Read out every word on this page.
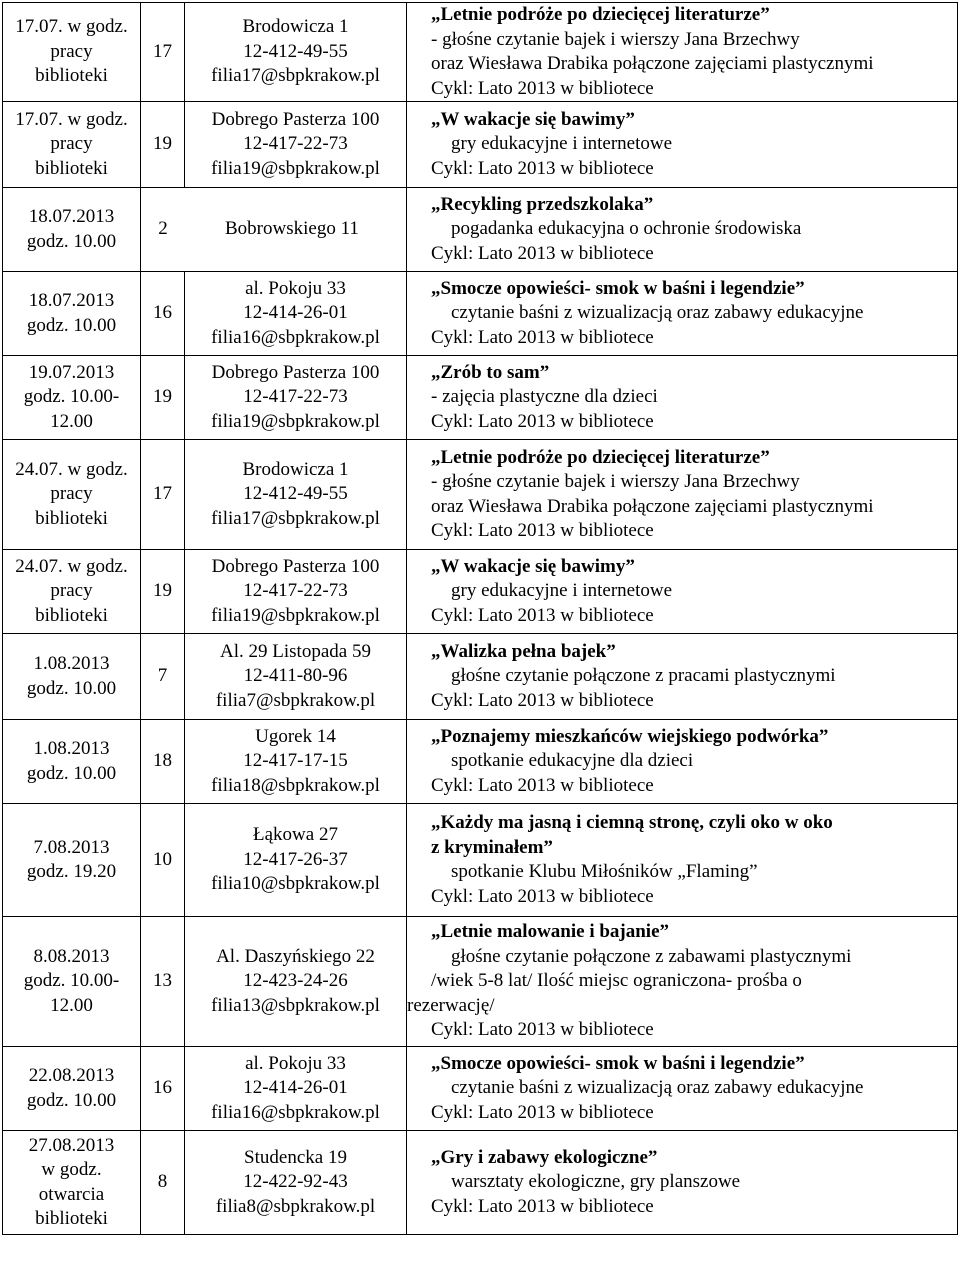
17.07. w godz.
pracy
biblioteki	17	Brodowicza 1
12-412-49-55
filia17@sbpkrakow.pl	„Letnie podróże po dziecięcej literaturze”
- głośne czytanie bajek i wierszy Jana Brzechwy
oraz Wiesława Drabika połączone zajęciami plastycznymi
Cykl: Lato 2013 w bibliotece

17.07. w godz.
pracy
biblioteki	19	Dobrego Pasterza 100
12-417-22-73
filia19@sbpkrakow.pl	„W wakacje się bawimy”
gry edukacyjne i internetowe
Cykl: Lato 2013 w bibliotece

18.07.2013
godz. 10.00	2 Bobrowskiego 11		„Recykling przedszkolaka”
pogadanka edukacyjna o ochronie środowiska
Cykl: Lato 2013 w bibliotece

18.07.2013
godz. 10.00	16	al. Pokoju 33
12-414-26-01
filia16@sbpkrakow.pl	„Smocze opowieści- smok w baśni i legendzie”
czytanie baśni z wizualizacją oraz zabawy edukacyjne
Cykl: Lato 2013 w bibliotece

19.07.2013
godz. 10.00-
12.00	19	Dobrego Pasterza 100
12-417-22-73
filia19@sbpkrakow.pl	„Zrób to sam”
- zajęcia plastyczne dla dzieci
Cykl: Lato 2013 w bibliotece

24.07. w godz.
pracy
biblioteki	17	Brodowicza 1
12-412-49-55
filia17@sbpkrakow.pl	„Letnie podróże po dziecięcej literaturze”
- głośne czytanie bajek i wierszy Jana Brzechwy
oraz Wiesława Drabika połączone zajęciami plastycznymi
Cykl: Lato 2013 w bibliotece

24.07. w godz.
pracy
biblioteki	19	Dobrego Pasterza 100
12-417-22-73
filia19@sbpkrakow.pl	„W wakacje się bawimy”
gry edukacyjne i internetowe
Cykl: Lato 2013 w bibliotece

1.08.2013
godz. 10.00	7	Al. 29 Listopada 59
12-411-80-96
filia7@sbpkrakow.pl	„Walizka pełna bajek”
głośne czytanie połączone z pracami plastycznymi
Cykl: Lato 2013 w bibliotece

1.08.2013
godz. 10.00	18	Ugorek 14
12-417-17-15
filia18@sbpkrakow.pl	„Poznajemy mieszkańców wiejskiego podwórka”
spotkanie edukacyjne dla dzieci
Cykl: Lato 2013 w bibliotece

7.08.2013
godz. 19.20	10	Łąkowa 27
12-417-26-37
filia10@sbpkrakow.pl	„Każdy ma jasną i ciemną stronę, czyli oko w oko
z kryminałem”
spotkanie Klubu Miłośników „Flaming”
Cykl: Lato 2013 w bibliotece

8.08.2013
godz. 10.00-
12.00	13	Al. Daszyńskiego 22
12-423-24-26
filia13@sbpkrakow.pl	„Letnie malowanie i bajanie”
głośne czytanie połączone z zabawami plastycznymi
/wiek 5-8 lat/ Ilość miejsc ograniczona- prośba o
rezerwację/
Cykl: Lato 2013 w bibliotece

22.08.2013
godz. 10.00	16	al. Pokoju 33
12-414-26-01
filia16@sbpkrakow.pl	„Smocze opowieści- smok w baśni i legendzie”
czytanie baśni z wizualizacją oraz zabawy edukacyjne
Cykl: Lato 2013 w bibliotece

27.08.2013
w godz.
otwarcia
biblioteki	8	Studencka 19
12-422-92-43
filia8@sbpkrakow.pl	„Gry i zabawy ekologiczne”
warsztaty ekologiczne, gry planszowe
Cykl: Lato 2013 w bibliotece
